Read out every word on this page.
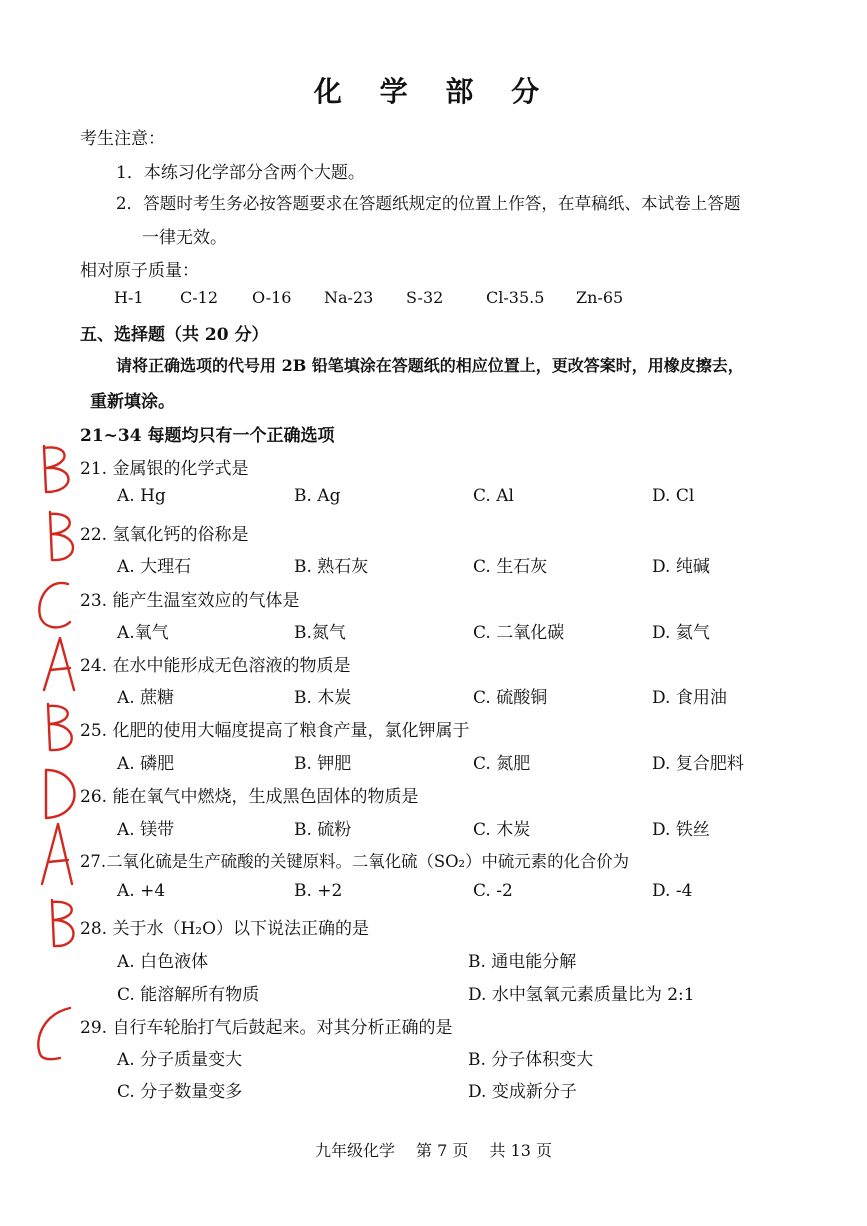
化 学 部 分
考生注意：
1．本练习化学部分含两个大题。
2．答题时考生务必按答题要求在答题纸规定的位置上作答，在草稿纸、本试卷上答题
一律无效。
相对原子质量：
H-1 C-12 O-16 Na-23 S-32	Cl-35.5 Zn-65
五、选择题（共 20 分）
请将正确选项的代号用 2B 铅笔填涂在答题纸的相应位置上，更改答案时，用橡皮擦去，
重新填涂。
21~34 每题均只有一个正确选项
21. 金属银的化学式是
A. Hg	B. Ag	C. Al	D. Cl
22. 氢氧化钙的俗称是
A. 大理石	B. 熟石灰	C. 生石灰	D. 纯碱
23. 能产生温室效应的气体是
A.氧气	B.氮气	C. 二氧化碳	D. 氦气
24. 在水中能形成无色溶液的物质是
A. 蔗糖	B. 木炭	C. 硫酸铜	D. 食用油
25. 化肥的使用大幅度提高了粮食产量，氯化钾属于
A. 磷肥	B. 钾肥	C. 氮肥	D. 复合肥料
26. 能在氧气中燃烧，生成黑色固体的物质是
A. 镁带	B. 硫粉	C. 木炭	D. 铁丝
27.二氧化硫是生产硫酸的关键原料。二氧化硫（SO₂）中硫元素的化合价为
A. +4	B. +2	C. -2	D. -4
28. 关于水（H₂O）以下说法正确的是
A. 白色液体	B. 通电能分解
C. 能溶解所有物质	D. 水中氢氧元素质量比为 2:1
29. 自行车轮胎打气后鼓起来。对其分析正确的是
A. 分子质量变大	B. 分子体积变大
C. 分子数量变多	D. 变成新分子
九年级化学 第 7 页 共 13 页
